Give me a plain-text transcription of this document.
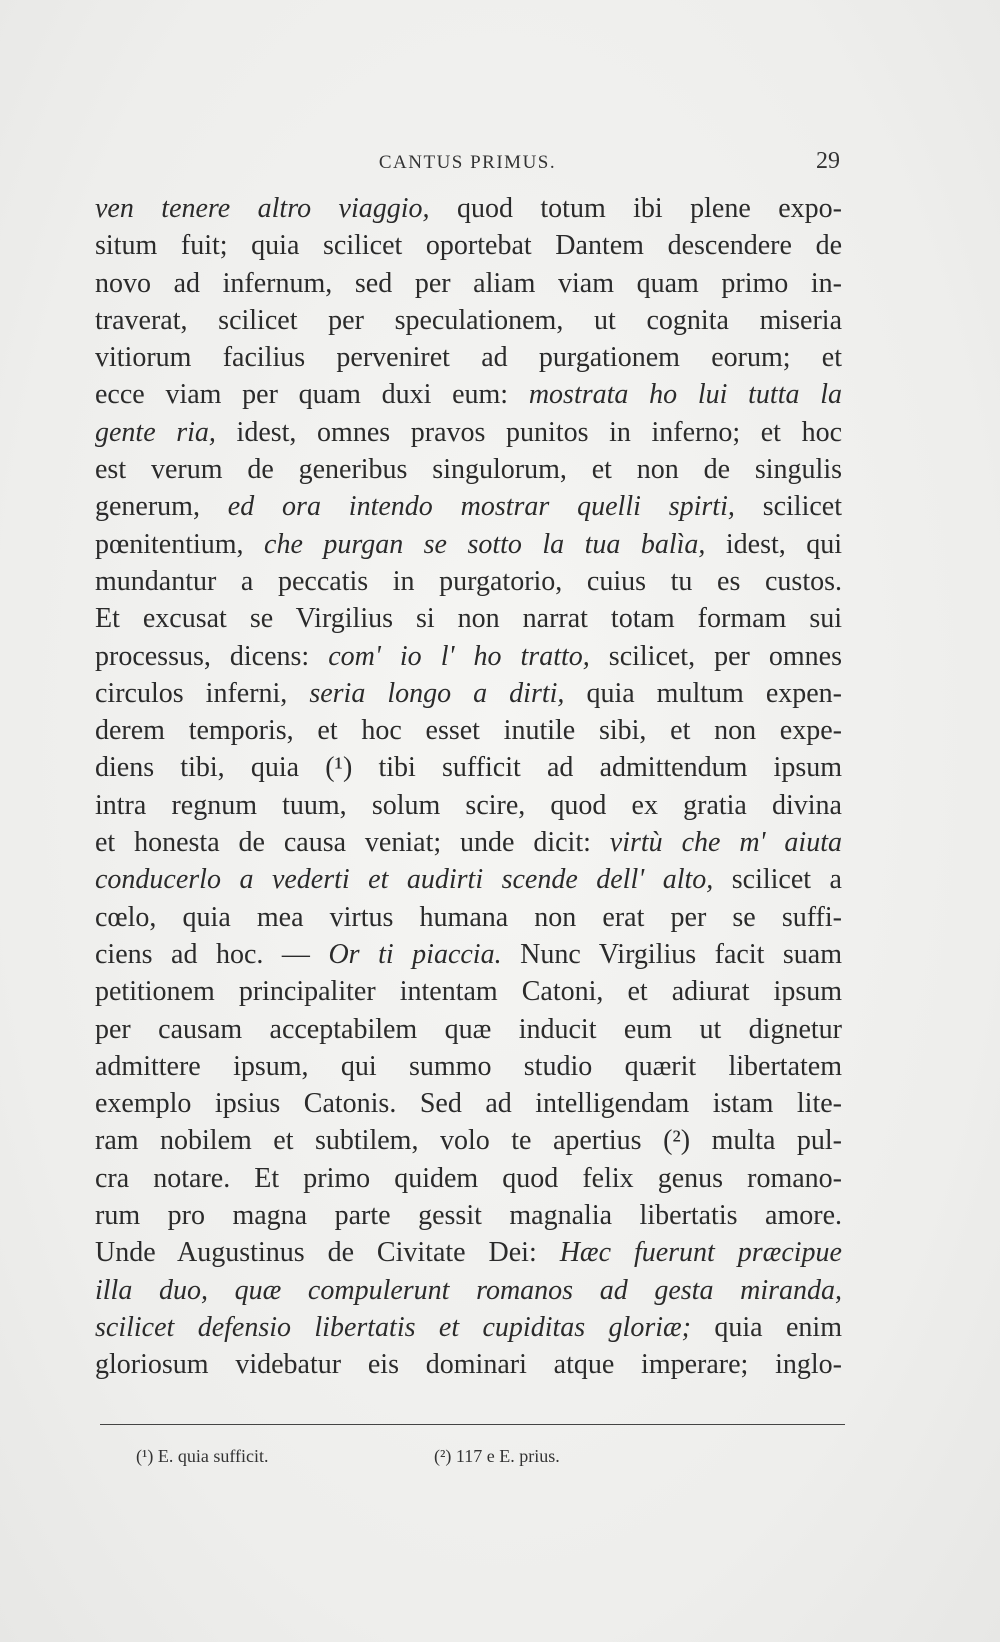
CANTUS PRIMUS.	29
ven tenere altro viaggio, quod totum ibi plene expo-
situm fuit; quia scilicet oportebat Dantem descendere de
novo ad infernum, sed per aliam viam quam primo in-
traverat, scilicet per speculationem, ut cognita miseria
vitiorum facilius perveniret ad purgationem eorum; et
ecce viam per quam duxi eum: mostrata ho lui tutta la
gente ria, idest, omnes pravos punitos in inferno; et hoc
est verum de generibus singulorum, et non de singulis
generum, ed ora intendo mostrar quelli spirti, scilicet
pœnitentium, che purgan se sotto la tua balìa, idest, qui
mundantur a peccatis in purgatorio, cuius tu es custos.
Et excusat se Virgilius si non narrat totam formam sui
processus, dicens: com' io l' ho tratto, scilicet, per omnes
circulos inferni, seria longo a dirti, quia multum expen-
derem temporis, et hoc esset inutile sibi, et non expe-
diens tibi, quia (¹) tibi sufficit ad admittendum ipsum
intra regnum tuum, solum scire, quod ex gratia divina
et honesta de causa veniat; unde dicit: virtù che m' aiuta
conducerlo a vederti et audirti scende dell' alto, scilicet a
cœlo, quia mea virtus humana non erat per se suffi-
ciens ad hoc. — Or ti piaccia. Nunc Virgilius facit suam
petitionem principaliter intentam Catoni, et adiurat ipsum
per causam acceptabilem quæ inducit eum ut dignetur
admittere ipsum, qui summo studio quærit libertatem
exemplo ipsius Catonis. Sed ad intelligendam istam lite-
ram nobilem et subtilem, volo te apertius (²) multa pul-
cra notare. Et primo quidem quod felix genus romano-
rum pro magna parte gessit magnalia libertatis amore.
Unde Augustinus de Civitate Dei: Hæc fuerunt præcipue
illa duo, quæ compulerunt romanos ad gesta miranda,
scilicet defensio libertatis et cupiditas gloriæ; quia enim
gloriosum videbatur eis dominari atque imperare; inglo-
(¹) E. quia sufficit.	(²) 117 e E. prius.
